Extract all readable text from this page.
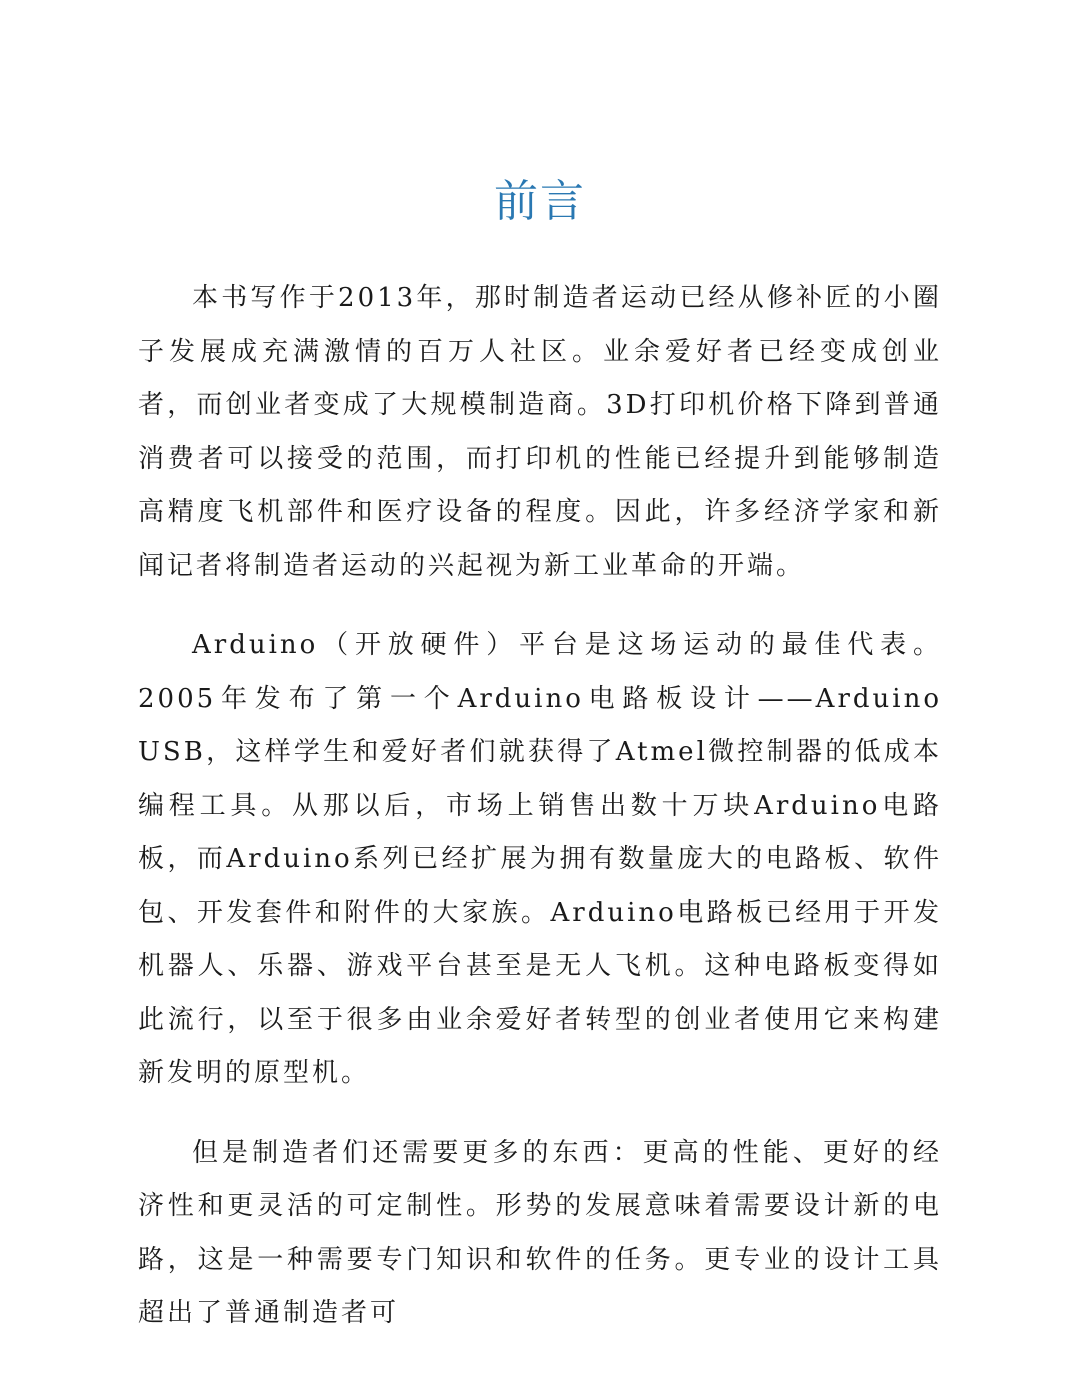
前言

本书写作于2013年，那时制造者运动已经从修补匠的小圈子发展成充满激情的百万人社区。业余爱好者已经变成创业者，而创业者变成了大规模制造商。3D打印机价格下降到普通消费者可以接受的范围，而打印机的性能已经提升到能够制造高精度飞机部件和医疗设备的程度。因此，许多经济学家和新闻记者将制造者运动的兴起视为新工业革命的开端。

Arduino（开放硬件）平台是这场运动的最佳代表。2005年发布了第一个Arduino电路板设计——Arduino USB，这样学生和爱好者们就获得了Atmel微控制器的低成本编程工具。从那以后，市场上销售出数十万块Arduino电路板，而Arduino系列已经扩展为拥有数量庞大的电路板、软件包、开发套件和附件的大家族。Arduino电路板已经用于开发机器人、乐器、游戏平台甚至是无人飞机。这种电路板变得如此流行，以至于很多由业余爱好者转型的创业者使用它来构建新发明的原型机。

但是制造者们还需要更多的东西：更高的性能、更好的经济性和更灵活的可定制性。形势的发展意味着需要设计新的电路，这是一种需要专门知识和软件的任务。更专业的设计工具超出了普通制造者可
